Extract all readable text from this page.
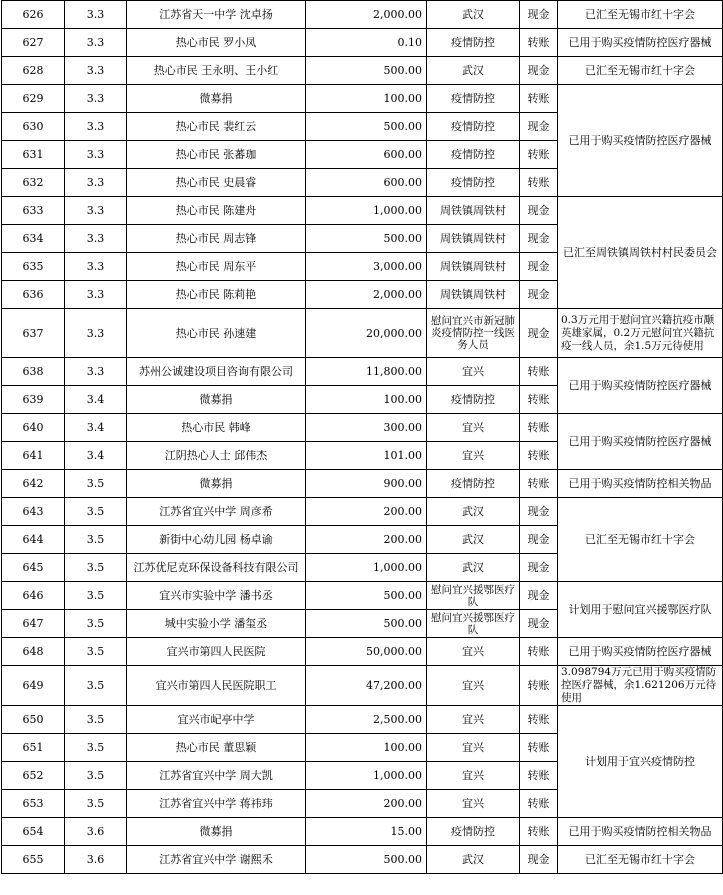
626	3.3	江苏省天一中学 沈卓扬	2,000.00	武汉	现金	已汇至无锡市红十字会
627	3.3	热心市民 罗小凤	0.10	疫情防控	转账	已用于购买疫情防控医疗器械
628	3.3	热心市民 王永明、王小红	500.00	武汉	现金	已汇至无锡市红十字会
629	3.3	微募捐	100.00	疫情防控	转账	已用于购买疫情防控医疗器械
630	3.3	热心市民 裴红云	500.00	疫情防控	现金	
631	3.3	热心市民 张蕃珈	600.00	疫情防控	转账	
632	3.3	热心市民 史晨睿	600.00	疫情防控	转账	
633	3.3	热心市民 陈建舟	1,000.00	周铁镇周铁村	现金	已汇至周铁镇周铁村村民委员会
634	3.3	热心市民 周志锋	500.00	周铁镇周铁村	现金	
635	3.3	热心市民 周东平	3,000.00	周铁镇周铁村	现金	
636	3.3	热心市民 陈莉艳	2,000.00	周铁镇周铁村	现金	
637	3.3	热心市民 孙速建	20,000.00	慰问宜兴市新冠肺炎疫情防控一线医务人员	现金	0.3万元用于慰问宜兴籍抗疫市颙英雄家属，0.2万元慰问宜兴籍抗疫一线人员，余1.5万元待使用
638	3.3	苏州公诚建设项目咨询有限公司	11,800.00	宜兴	转账	已用于购买疫情防控医疗器械
639	3.4	微募捐	100.00	疫情防控	转账	
640	3.4	热心市民 韩峰	300.00	宜兴	转账	已用于购买疫情防控医疗器械
641	3.4	江阴热心人士 邱伟杰	101.00	宜兴	转账	
642	3.5	微募捐	900.00	疫情防控	转账	已用于购买疫情防控相关物品
643	3.5	江苏省宜兴中学 周彦希	200.00	武汉	现金	已汇至无锡市红十字会
644	3.5	新街中心幼儿园 杨卓谕	200.00	武汉	现金	
645	3.5	江苏优尼克环保设备科技有限公司	1,000.00	武汉	现金	
646	3.5	宜兴市实验中学 潘书丞	500.00	慰问宜兴援鄂医疗队	现金	计划用于慰问宜兴援鄂医疗队
647	3.5	城中实验小学 潘玺丞	500.00	慰问宜兴援鄂医疗队	现金	
648	3.5	宜兴市第四人民医院	50,000.00	宜兴	转账	已用于购买疫情防控医疗器械
649	3.5	宜兴市第四人民医院职工	47,200.00	宜兴	转账	3.098794万元已用于购买疫情防控医疗器械，余1.621206万元待使用
650	3.5	宜兴市屺亭中学	2,500.00	宜兴	转账	计划用于宜兴疫情防控
651	3.5	热心市民 董思颖	100.00	宜兴	转账	
652	3.5	江苏省宜兴中学 周大凯	1,000.00	宜兴	转账	
653	3.5	江苏省宜兴中学 蒋祎玮	200.00	宜兴	转账	
654	3.6	微募捐	15.00	疫情防控	转账	已用于购买疫情防控相关物品
655	3.6	江苏省宜兴中学 谢熙禾	500.00	武汉	现金	已汇至无锡市红十字会
